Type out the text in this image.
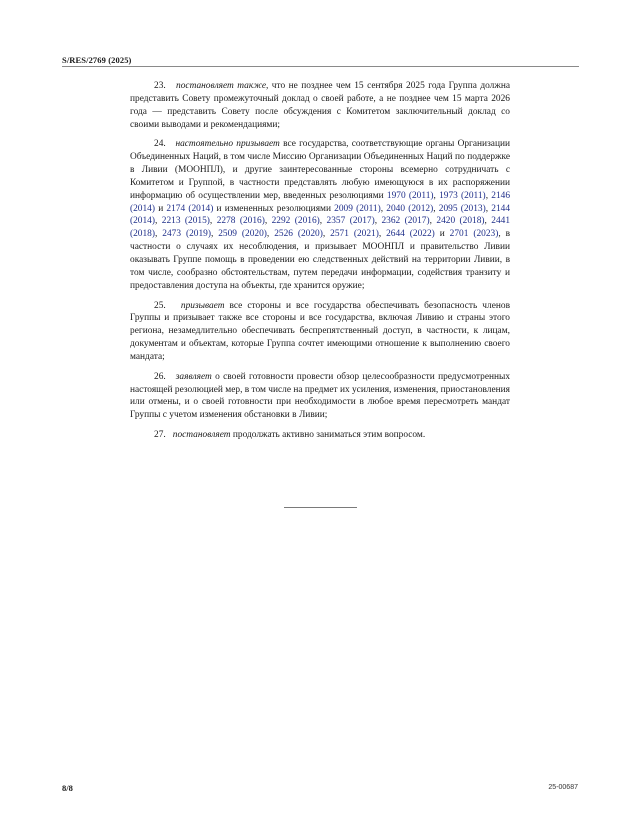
S/RES/2769 (2025)

23. постановляет также, что не позднее чем 15 сентября 2025 года Группа должна представить Совету промежуточный доклад о своей работе, а не позднее чем 15 марта 2026 года — представить Совету после обсуждения с Комитетом заключительный доклад со своими выводами и рекомендациями;

24. настоятельно призывает все государства, соответствующие органы Организации Объединенных Наций, в том числе Миссию Организации Объединенных Наций по поддержке в Ливии (МООНПЛ), и другие заинтересованные стороны всемерно сотрудничать с Комитетом и Группой, в частности представлять любую имеющуюся в их распоряжении информацию об осуществлении мер, введенных резолюциями 1970 (2011), 1973 (2011), 2146 (2014) и 2174 (2014) и измененных резолюциями 2009 (2011), 2040 (2012), 2095 (2013), 2144 (2014), 2213 (2015), 2278 (2016), 2292 (2016), 2357 (2017), 2362 (2017), 2420 (2018), 2441 (2018), 2473 (2019), 2509 (2020), 2526 (2020), 2571 (2021), 2644 (2022) и 2701 (2023), в частности о случаях их несоблюдения, и призывает МООНПЛ и правительство Ливии оказывать Группе помощь в проведении ею следственных действий на территории Ливии, в том числе, сообразно обстоятельствам, путем передачи информации, содействия транзиту и предоставления доступа на объекты, где хранится оружие;

25. призывает все стороны и все государства обеспечивать безопасность членов Группы и призывает также все стороны и все государства, включая Ливию и страны этого региона, незамедлительно обеспечивать беспрепятственный доступ, в частности, к лицам, документам и объектам, которые Группа сочтет имеющими отношение к выполнению своего мандата;

26. заявляет о своей готовности провести обзор целесообразности предусмотренных настоящей резолюцией мер, в том числе на предмет их усиления, изменения, приостановления или отмены, и о своей готовности при необходимости в любое время пересмотреть мандат Группы с учетом изменения обстановки в Ливии;

27. постановляет продолжать активно заниматься этим вопросом.

8/8	25-00687
